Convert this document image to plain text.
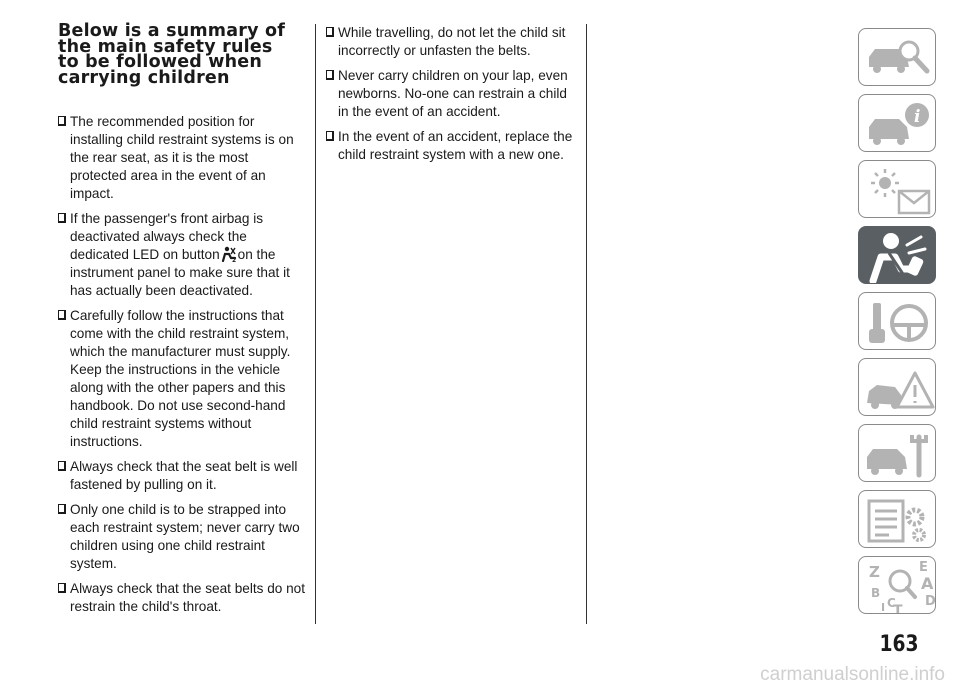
Below is a summary of the main safety rules to be followed when carrying children

The recommended position for installing child restraint systems is on the rear seat, as it is the most protected area in the event of an impact.

If the passenger's front airbag is deactivated always check the dedicated LED on button 2 on the instrument panel to make sure that it has actually been deactivated.

Carefully follow the instructions that come with the child restraint system, which the manufacturer must supply. Keep the instructions in the vehicle along with the other papers and this handbook. Do not use second-hand child restraint systems without instructions.

Always check that the seat belt is well fastened by pulling on it.

Only one child is to be strapped into each restraint system; never carry two children using one child restraint system.

Always check that the seat belts do not restrain the child's throat.

While travelling, do not let the child sit incorrectly or unfasten the belts.

Never carry children on your lap, even newborns. No-one can restrain a child in the event of an accident.

In the event of an accident, replace the child restraint system with a new one.

i
Z	E
A
B
C
T
I	D
163
carmanualsonline.info
